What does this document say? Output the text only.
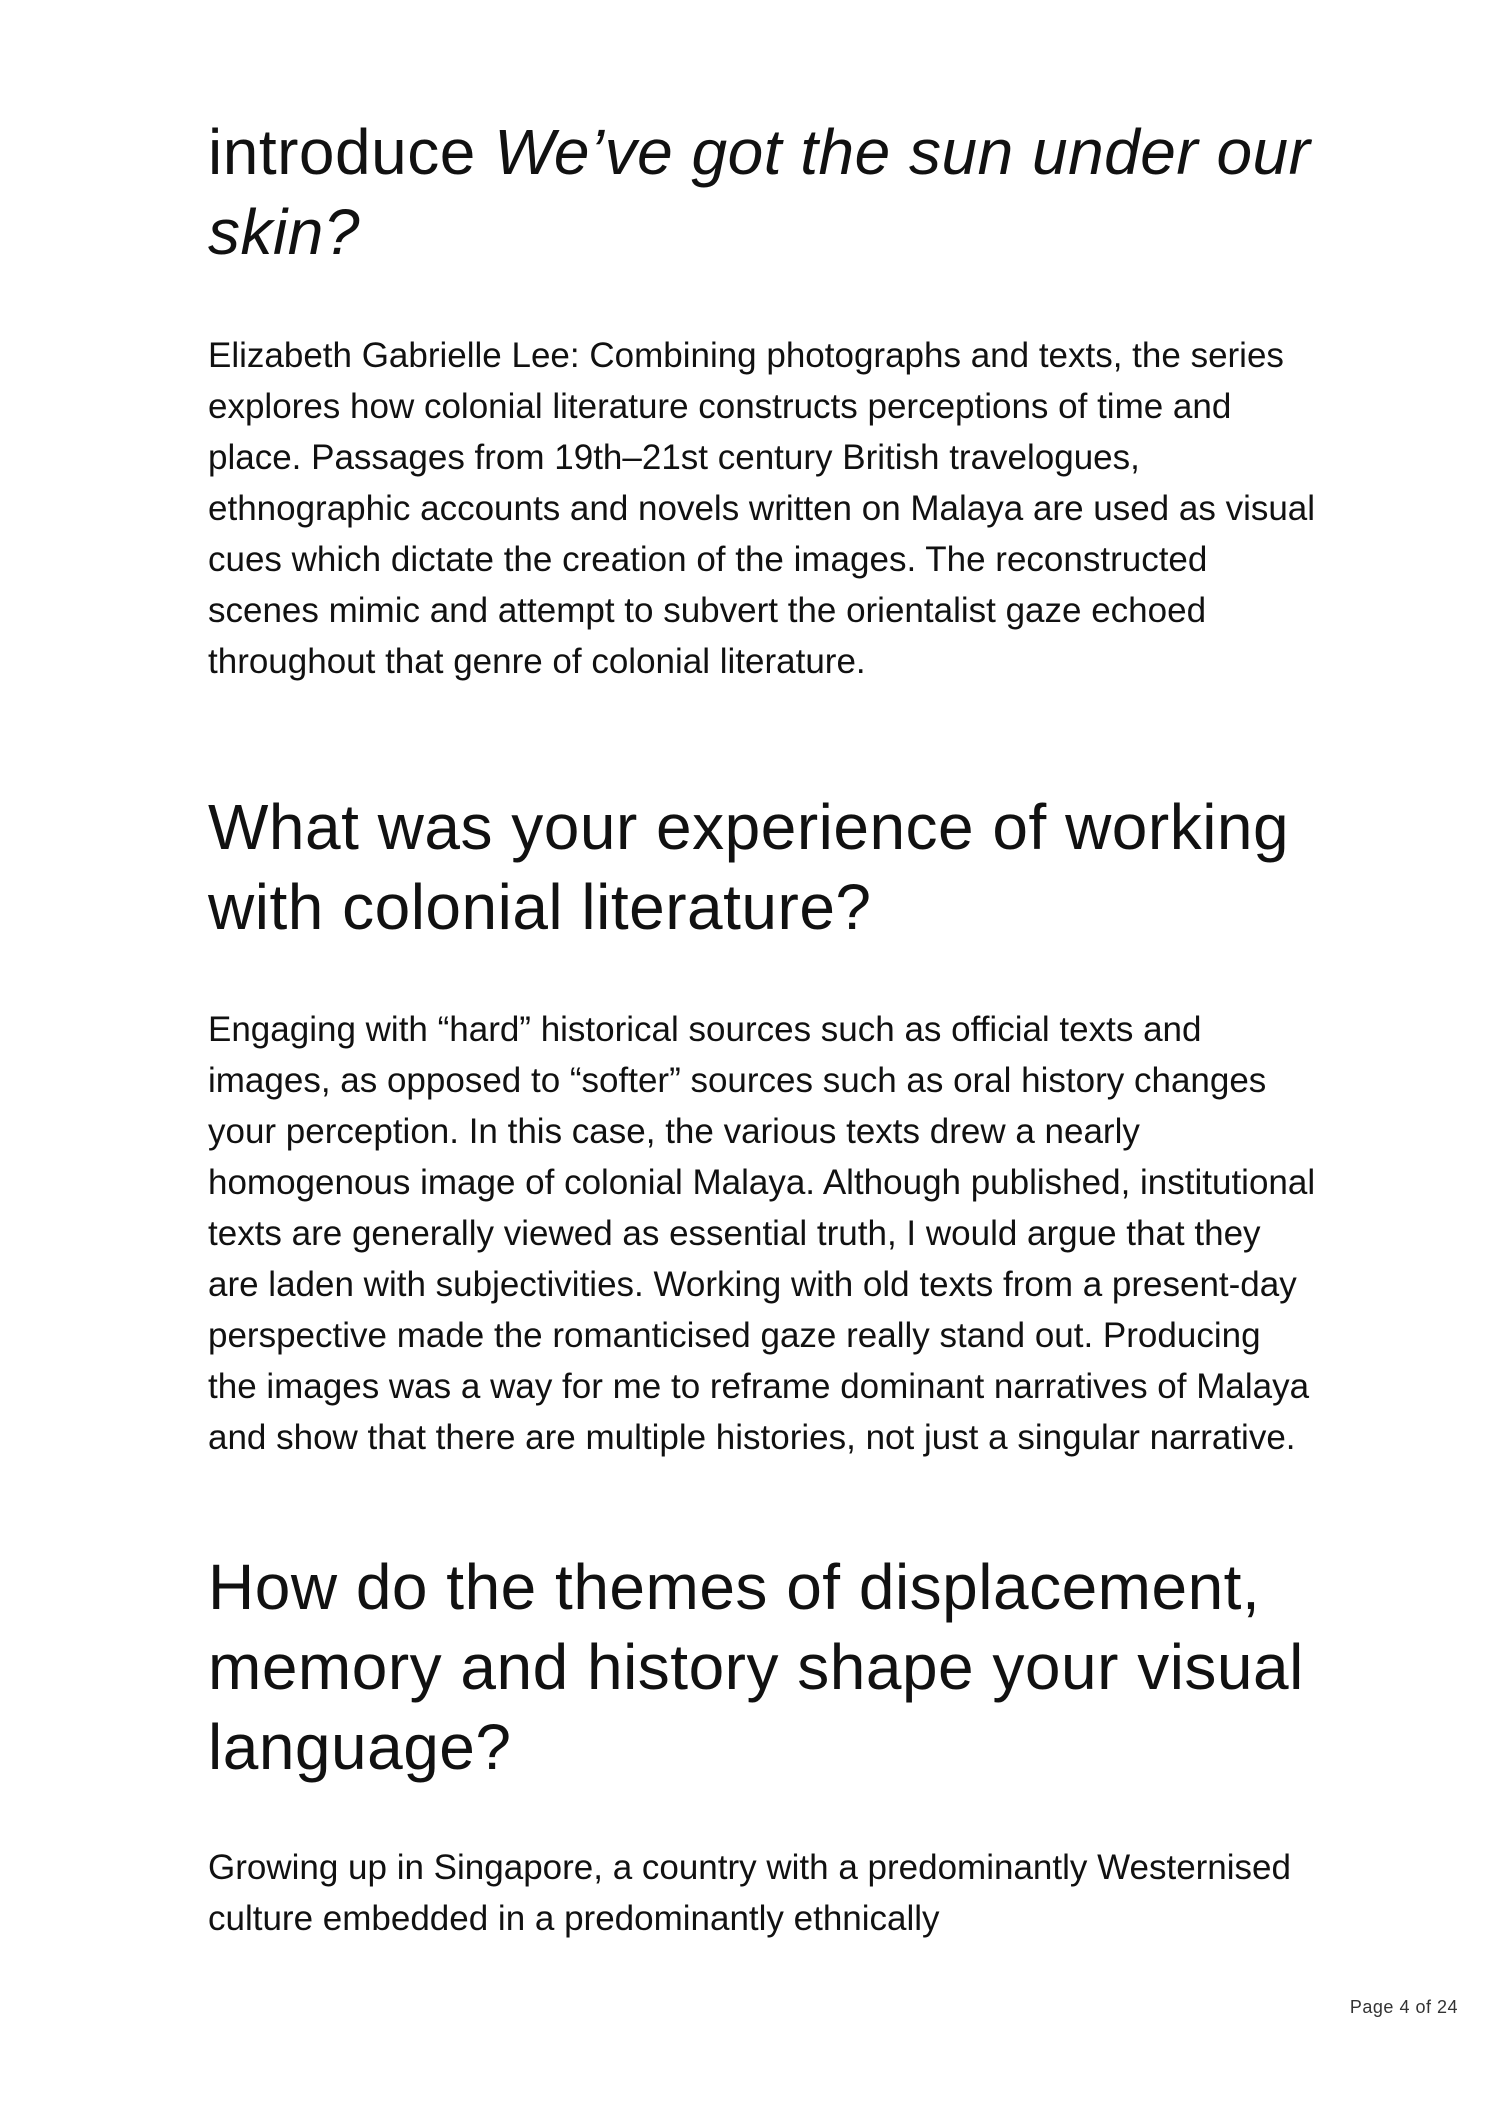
introduce We’ve got the sun under our skin?

Elizabeth Gabrielle Lee: Combining photographs and texts, the series explores how colonial literature constructs perceptions of time and place. Passages from 19th–21st century British travelogues, ethnographic accounts and novels written on Malaya are used as visual cues which dictate the creation of the images. The reconstructed scenes mimic and attempt to subvert the orientalist gaze echoed throughout that genre of colonial literature.

What was your experience of working with colonial literature?

Engaging with “hard” historical sources such as official texts and images, as opposed to “softer” sources such as oral history changes your perception. In this case, the various texts drew a nearly homogenous image of colonial Malaya. Although published, institutional texts are generally viewed as essential truth, I would argue that they are laden with subjectivities. Working with old texts from a present-day perspective made the romanticised gaze really stand out. Producing the images was a way for me to reframe dominant narratives of Malaya and show that there are multiple histories, not just a singular narrative.

How do the themes of displacement, memory and history shape your visual language?

Growing up in Singapore, a country with a predominantly Westernised culture embedded in a predominantly ethnically

Page 4 of 24
